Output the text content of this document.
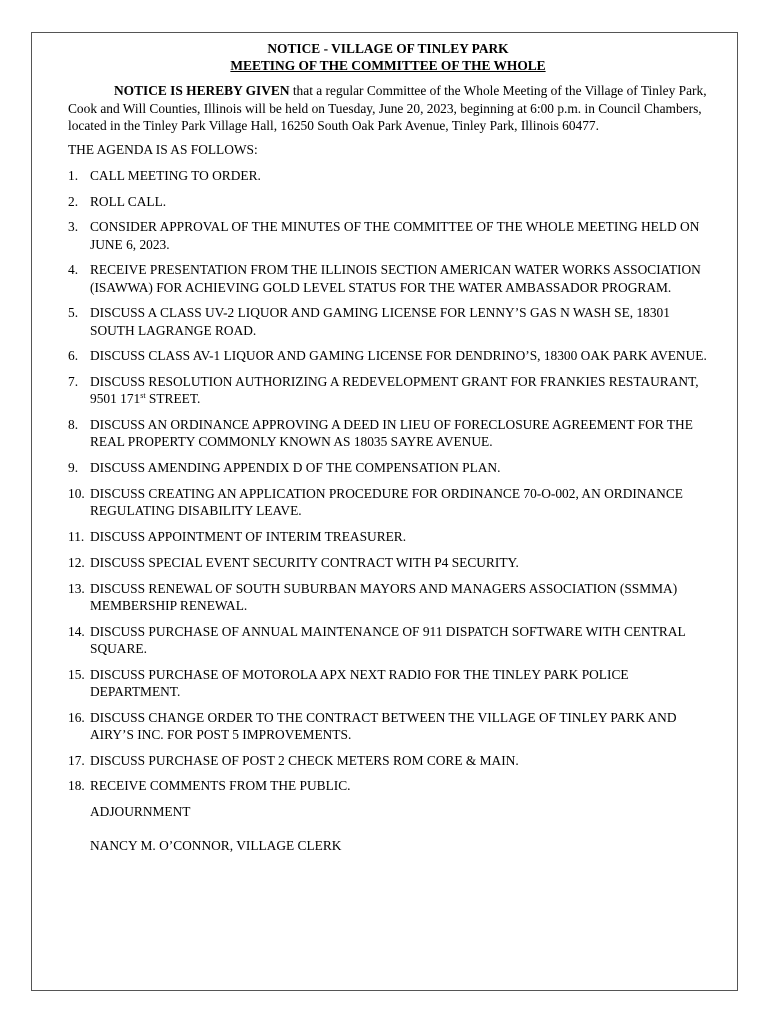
NOTICE - VILLAGE OF TINLEY PARK

MEETING OF THE COMMITTEE OF THE WHOLE

NOTICE IS HEREBY GIVEN that a regular Committee of the Whole Meeting of the Village of Tinley Park, Cook and Will Counties, Illinois will be held on Tuesday, June 20, 2023, beginning at 6:00 p.m. in Council Chambers, located in the Tinley Park Village Hall, 16250 South Oak Park Avenue, Tinley Park, Illinois 60477.

THE AGENDA IS AS FOLLOWS:

1. CALL MEETING TO ORDER.
2. ROLL CALL.
3. CONSIDER APPROVAL OF THE MINUTES OF THE COMMITTEE OF THE WHOLE MEETING HELD ON JUNE 6, 2023.
4. RECEIVE PRESENTATION FROM THE ILLINOIS SECTION AMERICAN WATER WORKS ASSOCIATION (ISAWWA) FOR ACHIEVING GOLD LEVEL STATUS FOR THE WATER AMBASSADOR PROGRAM.
5. DISCUSS A CLASS UV-2 LIQUOR AND GAMING LICENSE FOR LENNY’S GAS N WASH SE, 18301 SOUTH LAGRANGE ROAD.
6. DISCUSS CLASS AV-1 LIQUOR AND GAMING LICENSE FOR DENDRINO’S, 18300 OAK PARK AVENUE.
7. DISCUSS RESOLUTION AUTHORIZING A REDEVELOPMENT GRANT FOR FRANKIES RESTAURANT, 9501 171st STREET.
8. DISCUSS AN ORDINANCE APPROVING A DEED IN LIEU OF FORECLOSURE AGREEMENT FOR THE REAL PROPERTY COMMONLY KNOWN AS 18035 SAYRE AVENUE.
9. DISCUSS AMENDING APPENDIX D OF THE COMPENSATION PLAN.
10. DISCUSS CREATING AN APPLICATION PROCEDURE FOR ORDINANCE 70-O-002, AN ORDINANCE REGULATING DISABILITY LEAVE.
11. DISCUSS APPOINTMENT OF INTERIM TREASURER.
12. DISCUSS SPECIAL EVENT SECURITY CONTRACT WITH P4 SECURITY.
13. DISCUSS RENEWAL OF SOUTH SUBURBAN MAYORS AND MANAGERS ASSOCIATION (SSMMA) MEMBERSHIP RENEWAL.
14. DISCUSS PURCHASE OF ANNUAL MAINTENANCE OF 911 DISPATCH SOFTWARE WITH CENTRAL SQUARE.
15. DISCUSS PURCHASE OF MOTOROLA APX NEXT RADIO FOR THE TINLEY PARK POLICE DEPARTMENT.
16. DISCUSS CHANGE ORDER TO THE CONTRACT BETWEEN THE VILLAGE OF TINLEY PARK AND AIRY’S INC. FOR POST 5 IMPROVEMENTS.
17. DISCUSS PURCHASE OF POST 2 CHECK METERS ROM CORE & MAIN.
18. RECEIVE COMMENTS FROM THE PUBLIC.

ADJOURNMENT

NANCY M. O’CONNOR, VILLAGE CLERK
